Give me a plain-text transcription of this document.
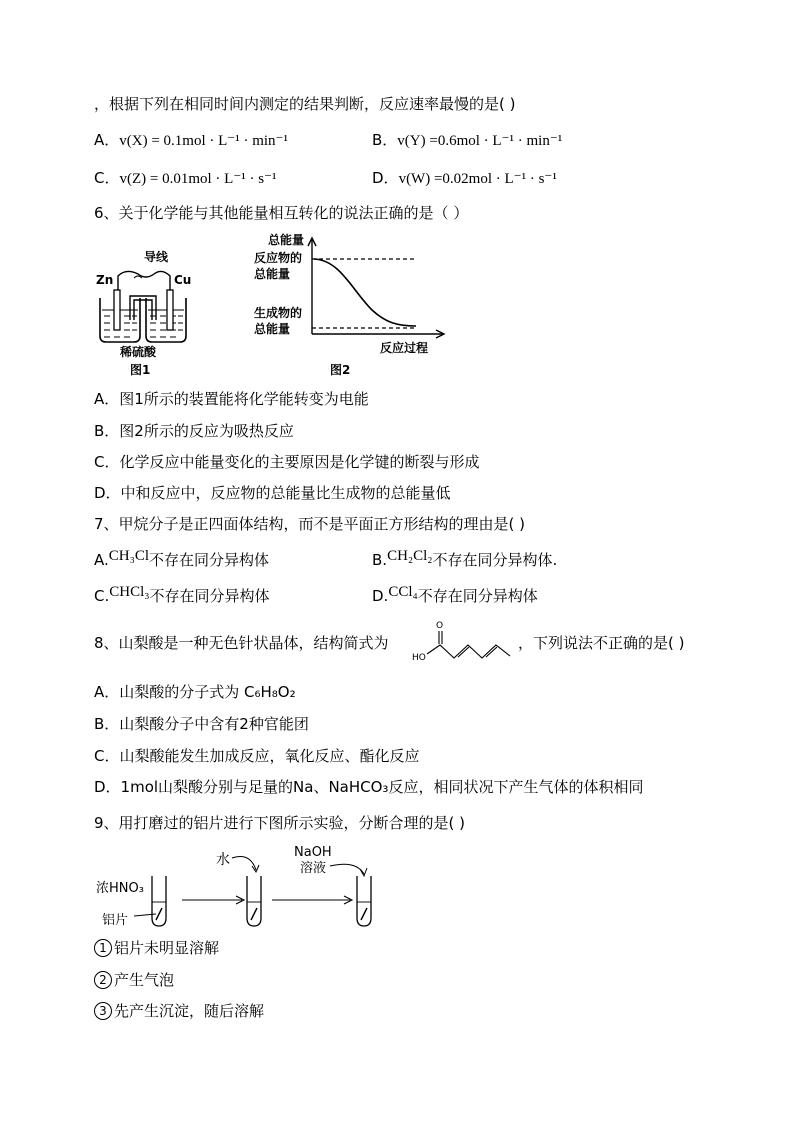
，根据下列在相同时间内测定的结果判断，反应速率最慢的是( )
A．v(X) = 0.1mol · L⁻¹ · min⁻¹	B．v(Y) =0.6mol · L⁻¹ · min⁻¹
C．v(Z) = 0.01mol · L⁻¹ · s⁻¹	D．v(W) =0.02mol · L⁻¹ · s⁻¹
6、关于化学能与其他能量相互转化的说法正确的是（ ）
导线
Zn	Cu
稀硫酸
图1
总能量
反应物的
总能量
生成物的
总能量
反应过程
图2
A．图1所示的装置能将化学能转变为电能
B．图2所示的反应为吸热反应
C．化学反应中能量变化的主要原因是化学键的断裂与形成
D．中和反应中，反应物的总能量比生成物的总能量低
7、甲烷分子是正四面体结构，而不是平面正方形结构的理由是( )
A.CH₃Cl不存在同分异构体	B.CH₂Cl₂不存在同分异构体.
C.CHCl₃不存在同分异构体	D.CCl₄不存在同分异构体
8、山梨酸是一种无色针状晶体，结构简式为
O
HO
，下列说法不正确的是( )
A．山梨酸的分子式为 C₆H₈O₂
B．山梨酸分子中含有2种官能团
C．山梨酸能发生加成反应，氧化反应、酯化反应
D．1mol山梨酸分别与足量的Na、NaHCO₃反应，相同状况下产生气体的体积相同
9、用打磨过的铝片进行下图所示实验，分断合理的是( )
浓HNO₃
铝片
水	NaOH
溶液
1 铝片未明显溶解
2 产生气泡
3 先产生沉淀，随后溶解
